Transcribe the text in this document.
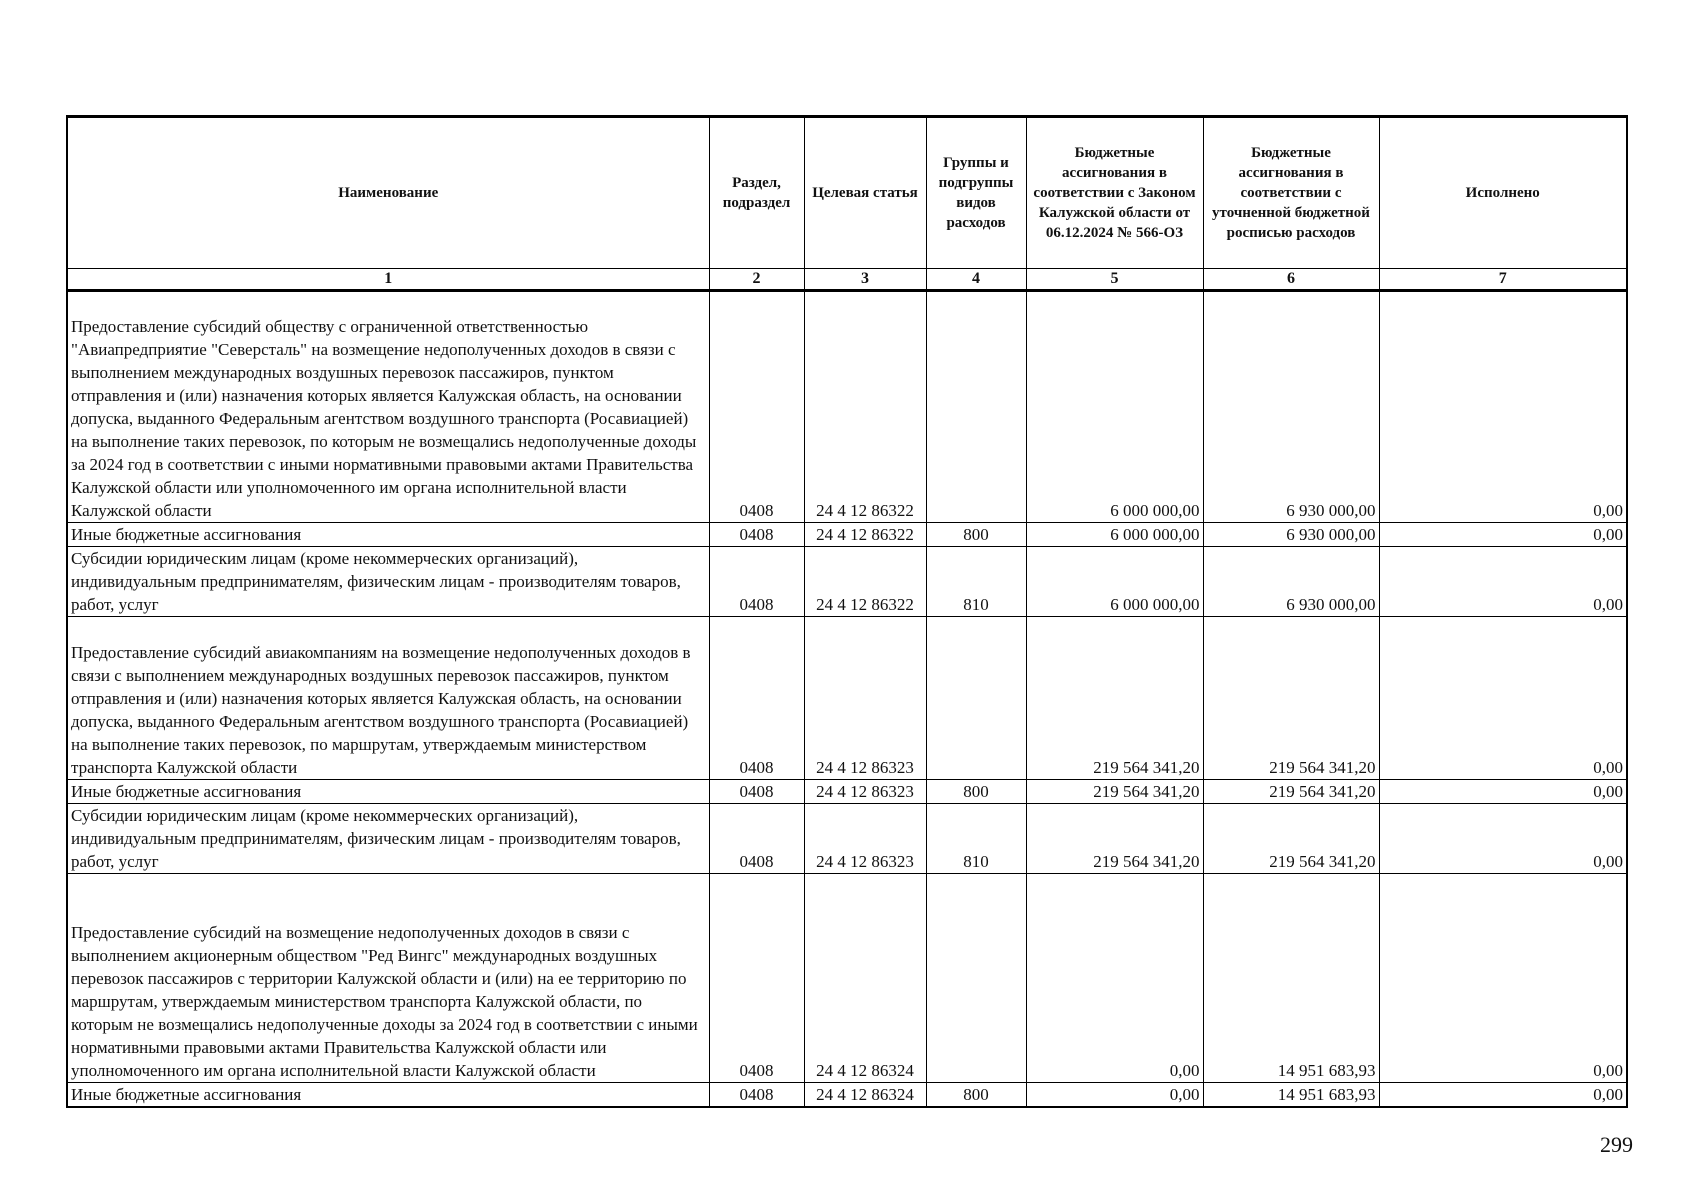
Наименование	Раздел, подраздел	Целевая статья	Группы и подгруппы видов расходов	Бюджетные ассигнования в соответствии с Законом Калужской области от 06.12.2024 № 566-ОЗ	Бюджетные ассигнования в соответствии с уточненной бюджетной росписью расходов	Исполнено
1	2	3	4	5	6	7
Предоставление субсидий обществу с ограниченной ответственностью "Авиапредприятие "Северсталь" на возмещение недополученных доходов в связи с выполнением международных воздушных перевозок пассажиров, пунктом отправления и (или) назначения которых является Калужская область, на основании допуска, выданного Федеральным агентством воздушного транспорта (Росавиацией) на выполнение таких перевозок, по которым не возмещались недополученные доходы за 2024 год в соответствии с иными нормативными правовыми актами Правительства Калужской области или уполномоченного им органа исполнительной власти Калужской области	0408	24 4 12 86322		6 000 000,00	6 930 000,00	0,00
Иные бюджетные ассигнования	0408	24 4 12 86322	800	6 000 000,00	6 930 000,00	0,00
Субсидии юридическим лицам (кроме некоммерческих организаций), индивидуальным предпринимателям, физическим лицам - производителям товаров, работ, услуг	0408	24 4 12 86322	810	6 000 000,00	6 930 000,00	0,00
Предоставление субсидий авиакомпаниям на возмещение недополученных доходов в связи с выполнением международных воздушных перевозок пассажиров, пунктом отправления и (или) назначения которых является Калужская область, на основании допуска, выданного Федеральным агентством воздушного транспорта (Росавиацией) на выполнение таких перевозок, по маршрутам, утверждаемым министерством транспорта Калужской области	0408	24 4 12 86323		219 564 341,20	219 564 341,20	0,00
Иные бюджетные ассигнования	0408	24 4 12 86323	800	219 564 341,20	219 564 341,20	0,00
Субсидии юридическим лицам (кроме некоммерческих организаций), индивидуальным предпринимателям, физическим лицам - производителям товаров, работ, услуг	0408	24 4 12 86323	810	219 564 341,20	219 564 341,20	0,00
Предоставление субсидий на возмещение недополученных доходов в связи с выполнением акционерным обществом "Ред Вингс" международных воздушных перевозок пассажиров с территории Калужской области и (или) на ее территорию по маршрутам, утверждаемым министерством транспорта Калужской области, по которым не возмещались недополученные доходы за 2024 год в соответствии с иными нормативными правовыми актами Правительства Калужской области или уполномоченного им органа исполнительной власти Калужской области	0408	24 4 12 86324		0,00	14 951 683,93	0,00
Иные бюджетные ассигнования	0408	24 4 12 86324	800	0,00	14 951 683,93	0,00
299
